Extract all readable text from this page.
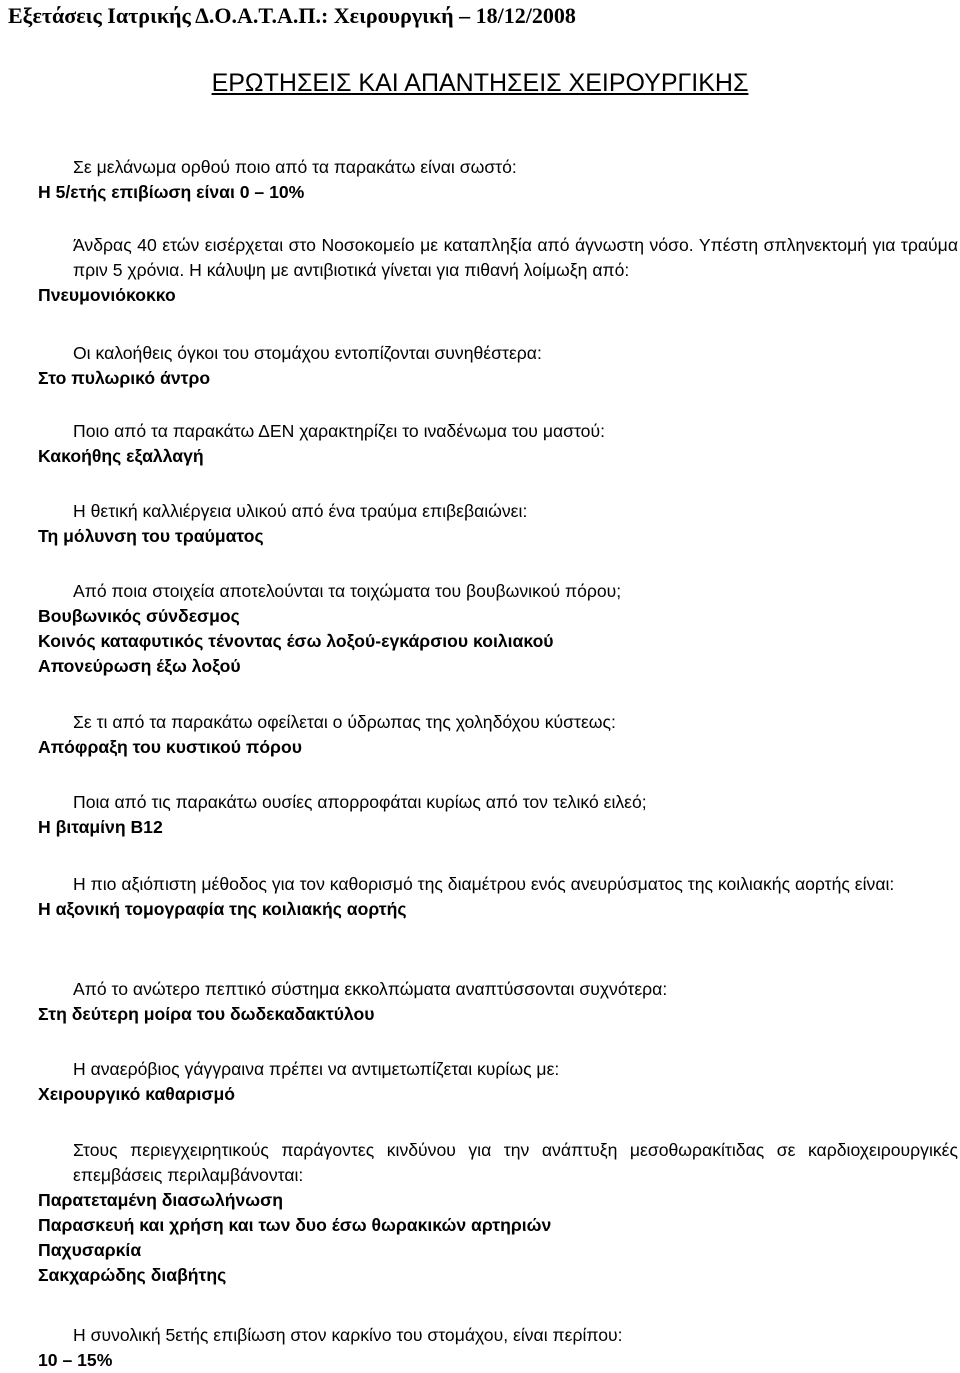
Εξετάσεις Ιατρικής Δ.Ο.Α.Τ.Α.Π.: Χειρουργική – 18/12/2008
ΕΡΩΤΗΣΕΙΣ ΚΑΙ ΑΠΑΝΤΗΣΕΙΣ ΧΕΙΡΟΥΡΓΙΚΗΣ
Σε μελάνωμα ορθού ποιο από τα παρακάτω είναι σωστό:
Η 5/ετής επιβίωση είναι 0 – 10%
Άνδρας 40 ετών εισέρχεται στο Νοσοκομείο με καταπληξία από άγνωστη νόσο. Υπέστη σπληνεκτομή για τραύμα πριν 5 χρόνια. Η κάλυψη με αντιβιοτικά γίνεται για πιθανή λοίμωξη από:
Πνευμονιόκοκκο
Οι καλοήθεις όγκοι του στομάχου εντοπίζονται συνηθέστερα:
Στο πυλωρικό άντρο
Ποιο από τα παρακάτω ΔΕΝ χαρακτηρίζει το ιναδένωμα του μαστού:
Κακοήθης εξαλλαγή
Η θετική καλλιέργεια υλικού από ένα τραύμα επιβεβαιώνει:
Τη μόλυνση του τραύματος
Από ποια στοιχεία αποτελούνται τα τοιχώματα του βουβωνικού πόρου;
Βουβωνικός σύνδεσμος
Κοινός καταφυτικός τένοντας έσω λοξού-εγκάρσιου κοιλιακού
Απονεύρωση έξω λοξού
Σε τι από τα παρακάτω οφείλεται ο ύδρωπας της χοληδόχου κύστεως:
Απόφραξη του κυστικού πόρου
Ποια από τις παρακάτω ουσίες απορροφάται κυρίως από τον τελικό ειλεό;
Η βιταμίνη Β12
Η πιο αξιόπιστη μέθοδος για τον καθορισμό της διαμέτρου ενός ανευρύσματος της κοιλιακής αορτής είναι:
Η αξονική τομογραφία της κοιλιακής αορτής
Από το ανώτερο πεπτικό σύστημα εκκολπώματα αναπτύσσονται συχνότερα:
Στη δεύτερη μοίρα του δωδεκαδακτύλου
Η αναερόβιος γάγγραινα πρέπει να αντιμετωπίζεται κυρίως με:
Χειρουργικό καθαρισμό
Στους περιεγχειρητικούς παράγοντες κινδύνου για την ανάπτυξη μεσοθωρακίτιδας σε καρδιοχειρουργικές επεμβάσεις περιλαμβάνονται:
Παρατεταμένη διασωλήνωση
Παρασκευή και χρήση και των δυο έσω θωρακικών αρτηριών
Παχυσαρκία
Σακχαρώδης διαβήτης
Η συνολική 5ετής επιβίωση στον καρκίνο του στομάχου, είναι περίπου:
10 – 15%
